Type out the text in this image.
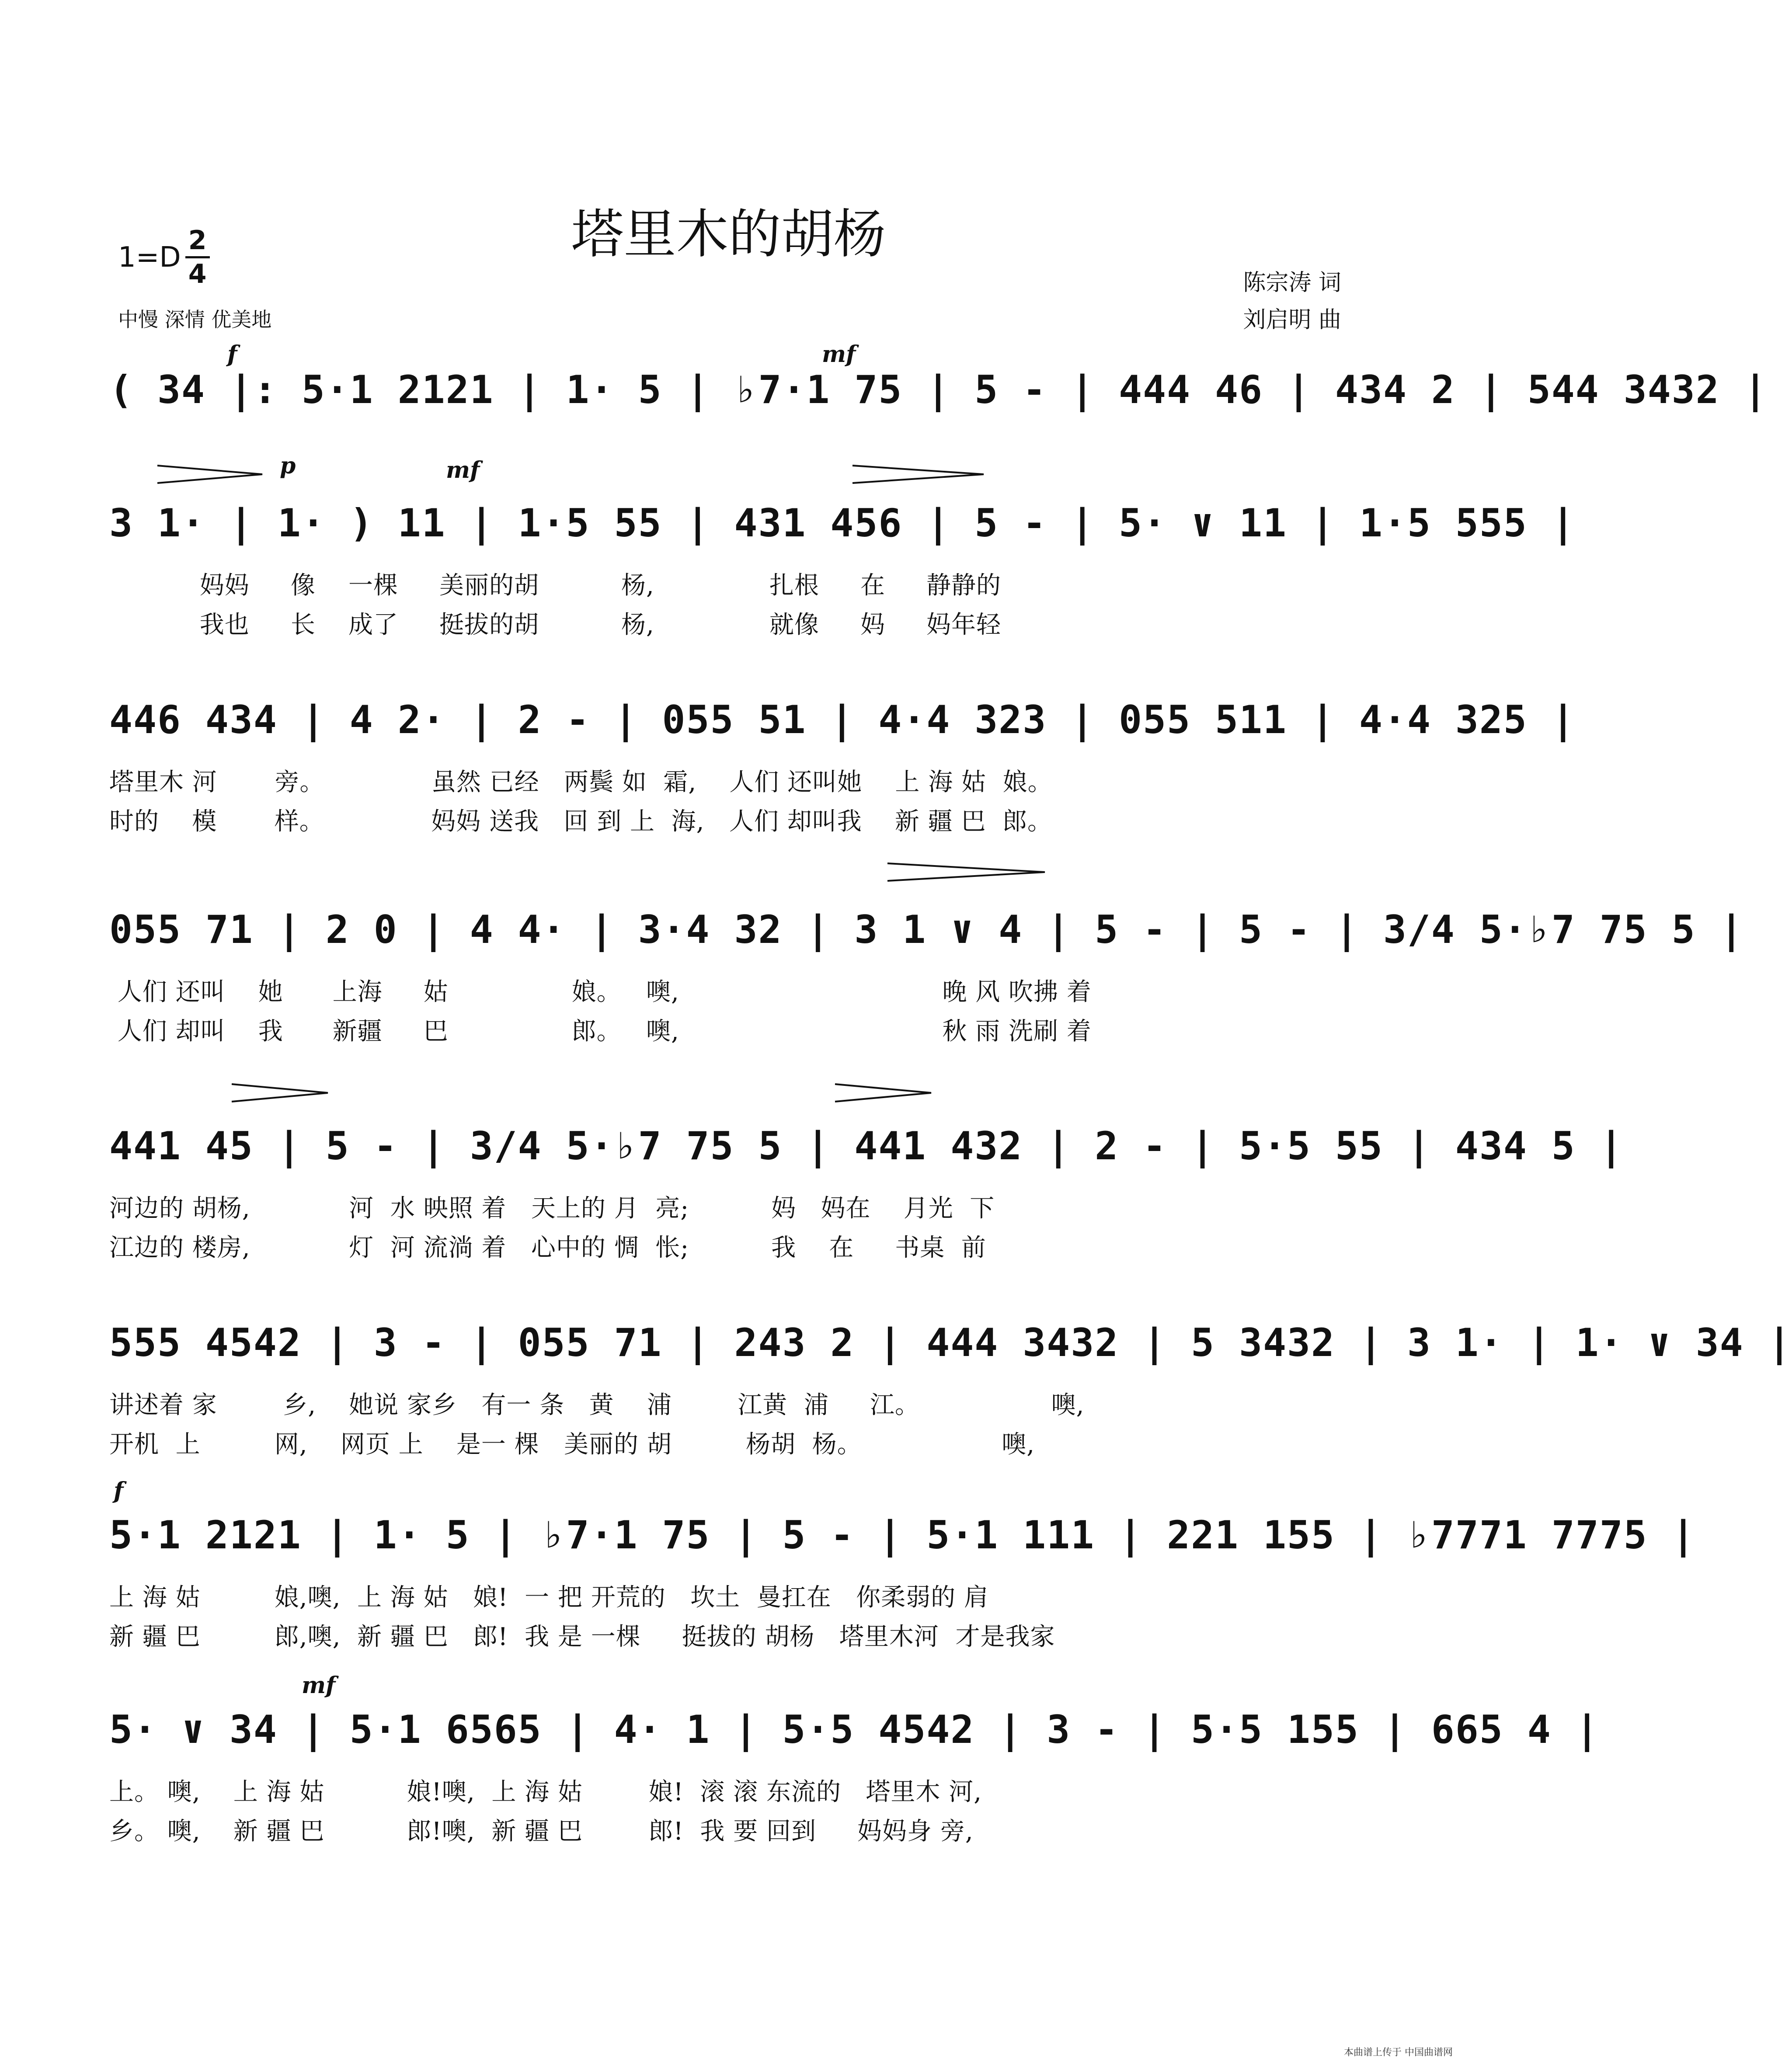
塔里木的胡杨
1=D
2
4
中慢 深情 优美地
陈宗涛 词
刘启明 曲
( 34 |: 5·1 2121 | 1· 5 | ♭7·1 75 | 5 - | 444 46 | 434 2 | 544 3432 |
f	mf
3 1· | 1· ) 11 | 1·5 55 | 431 456 | 5 - | 5· ∨ 11 | 1·5 555 |
妈妈     像    一棵     美丽的胡          杨,              扎根     在     静静的
我也     长    成了     挺拔的胡          杨,              就像     妈     妈年轻
p	mf
446 434 | 4 2· | 2 - | 055 51 | 4·4 323 | 055 511 | 4·4 325 |
塔里木 河       旁。             虽然 已经   两鬓 如  霜,    人们 还叫她    上 海 姑  娘。
时的    模       样。             妈妈 送我   回 到 上  海,   人们 却叫我    新 疆 巴  郎。
055 71 | 2 0 | 4 4· | 3·4 32 | 3 1 ∨ 4 | 5 - | 5 - | 3/4 5·♭7 75 5 |
人们 还叫    她      上海     姑               娘。   噢,                                晚 风 吹拂 着
人们 却叫    我      新疆     巴               郎。   噢,                                秋 雨 洗刷 着
441 45 | 5 - | 3/4 5·♭7 75 5 | 441 432 | 2 - | 5·5 55 | 434 5 |
河边的 胡杨,            河  水 映照 着   天上的 月  亮;          妈   妈在    月光  下
江边的 楼房,            灯  河 流淌 着   心中的 惆  怅;          我    在     书桌  前
555 4542 | 3 - | 055 71 | 243 2 | 444 3432 | 5 3432 | 3 1· | 1· ∨ 34 |
讲述着 家        乡,    她说 家乡   有一 条   黄    浦        江黄  浦     江。                噢,
开机  上         网,    网页 上    是一 棵   美丽的 胡         杨胡  杨。                 噢,
5·1 2121 | 1· 5 | ♭7·1 75 | 5 - | 5·1 111 | 221 155 | ♭7771 7775 |
上 海 姑         娘,噢,  上 海 姑   娘!  一 把 开荒的   坎土  曼扛在   你柔弱的 肩
新 疆 巴         郎,噢,  新 疆 巴   郎!  我 是 一棵     挺拔的 胡杨   塔里木河  才是我家
f
5· ∨ 34 | 5·1 6565 | 4· 1 | 5·5 4542 | 3 - | 5·5 155 | 665 4 |
上。 噢,    上 海 姑          娘!噢,  上 海 姑        娘!  滚 滚 东流的   塔里木 河,
乡。 噢,    新 疆 巴          郎!噢,  新 疆 巴        郎!  我 要 回到     妈妈身 旁,
mf
本曲谱上传于 中国曲谱网
